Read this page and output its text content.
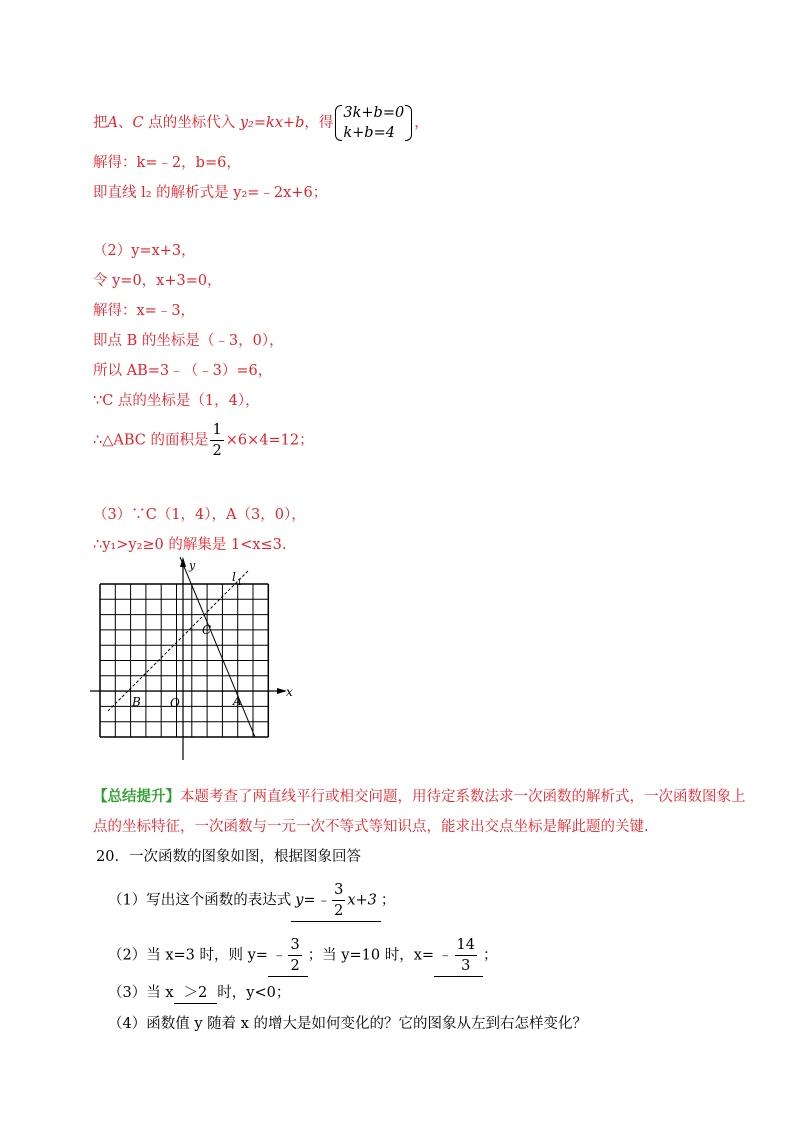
把A、C 点的坐标代入 y₂=kx+b，得
3k+b=0
k+b=4
，
解得：k=﹣2，b=6，
即直线 l₂ 的解析式是 y₂=﹣2x+6；
（2）y=x+3，
令 y=0，x+3=0，
解得：x=﹣3，
即点 B 的坐标是（﹣3，0），
所以 AB=3﹣（﹣3）=6，
∵C 点的坐标是（1，4），
∴△ABC 的面积是 $\frac{1}{2} \times 6\times 4=12$；
（3）∵C（1，4），A（3，0），
∴y₁>y₂≥0 的解集是 1<x≤3.
y
x
l 1
C
B O	A
【总结提升】本题考查了两直线平行或相交问题，用待定系数法求一次函数的解析式，一次函数图象上
点的坐标特征，一次函数与一元一次不等式等知识点，能求出交点坐标是解此题的关键.
20．一次函数的图象如图，根据图象回答
（1）写出这个函数的表达式 y=﹣ $\frac{3}{2} x+3$ ；
（2）当 x=3 时，则 y= ﹣ $\frac{3}{2}$ ；当 y=10 时，x= ﹣ $\frac{14}{3}$ ；
（3）当 x ＞2 时，y<0；
（4）函数值 y 随着 x 的增大是如何变化的？它的图象从左到右怎样变化？
